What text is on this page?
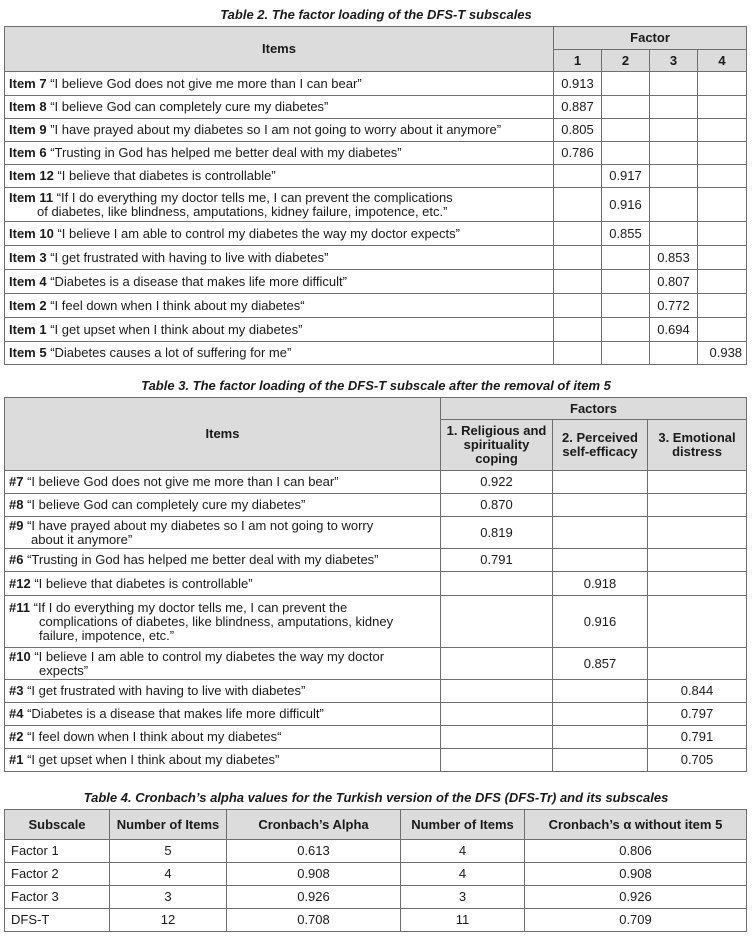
Table 2. The factor loading of the DFS-T subscales
Items	Factor			
	1	2	3	4
Item 7 “I believe God does not give me more than I can bear”	0.913			
Item 8 “I believe God can completely cure my diabetes”	0.887			
Item 9 ”I have prayed about my diabetes so I am not going to worry about it anymore”	0.805			
Item 6 “Trusting in God has helped me better deal with my diabetes”	0.786			
Item 12 “I believe that diabetes is controllable”		0.917		
Item 11 “If I do everything my doctor tells me, I can prevent the complications
of diabetes, like blindness, amputations, kidney failure, impotence, etc.”		0.916		
Item 10 “I believe I am able to control my diabetes the way my doctor expects”		0.855		
Item 3 “I get frustrated with having to live with diabetes”			0.853	
Item 4 “Diabetes is a disease that makes life more difficult”			0.807	
Item 2 “I feel down when I think about my diabetes“			0.772	
Item 1 “I get upset when I think about my diabetes”			0.694	
Item 5 “Diabetes causes a lot of suffering for me”				0.938
Table 3. The factor loading of the DFS-T subscale after the removal of item 5
Items	Factors		
	1. Religious and spirituality coping	2. Perceived self-efficacy	3. Emotional distress
#7 “I believe God does not give me more than I can bear”	0.922		
#8 “I believe God can completely cure my diabetes”	0.870		
#9 “I have prayed about my diabetes so I am not going to worry
about it anymore”	0.819		
#6 “Trusting in God has helped me better deal with my diabetes”	0.791		
#12 “I believe that diabetes is controllable”		0.918	
#11 “If I do everything my doctor tells me, I can prevent the
complications of diabetes, like blindness, amputations, kidney
failure, impotence, etc.”		0.916	
#10 “I believe I am able to control my diabetes the way my doctor
expects”		0.857	
#3 “I get frustrated with having to live with diabetes”			0.844
#4 “Diabetes is a disease that makes life more difficult”			0.797
#2 “I feel down when I think about my diabetes“			0.791
#1 “I get upset when I think about my diabetes”			0.705
Table 4. Cronbach’s alpha values for the Turkish version of the DFS (DFS-Tr) and its subscales
Subscale	Number of Items	Cronbach’s Alpha	Number of Items	Cronbach’s α without item 5
Factor 1	5	0.613	4	0.806
Factor 2	4	0.908	4	0.908
Factor 3	3	0.926	3	0.926
DFS-T	12	0.708	11	0.709
